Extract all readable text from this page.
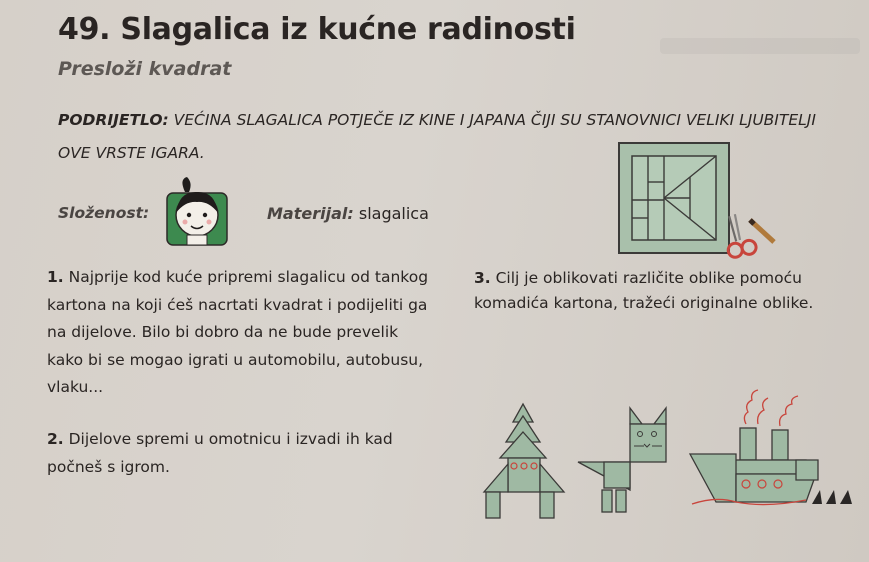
49. Slagalica iz kućne radinosti
Presloži kvadrat
PODRIJETLO: VEĆINA SLAGALICA POTJEČE IZ KINE I JAPANA ČIJI SU STANOVNICI VELIKI LJUBITELJI OVE VRSTE IGARA.
Složenost:	Materijal: slagalica
1. Najprije kod kuće pripremi slagalicu od tankog kartona na koji ćeš nacrtati kvadrat i podijeliti ga na dijelove. Bilo bi dobro da ne bude prevelik kako bi se mogao igrati u automobilu, autobusu, vlaku...
2. Dijelove spremi u omotnicu i izvadi ih kad počneš s igrom.
3. Cilj je oblikovati različite oblike pomoću komadića kartona, tražeći originalne oblike.
